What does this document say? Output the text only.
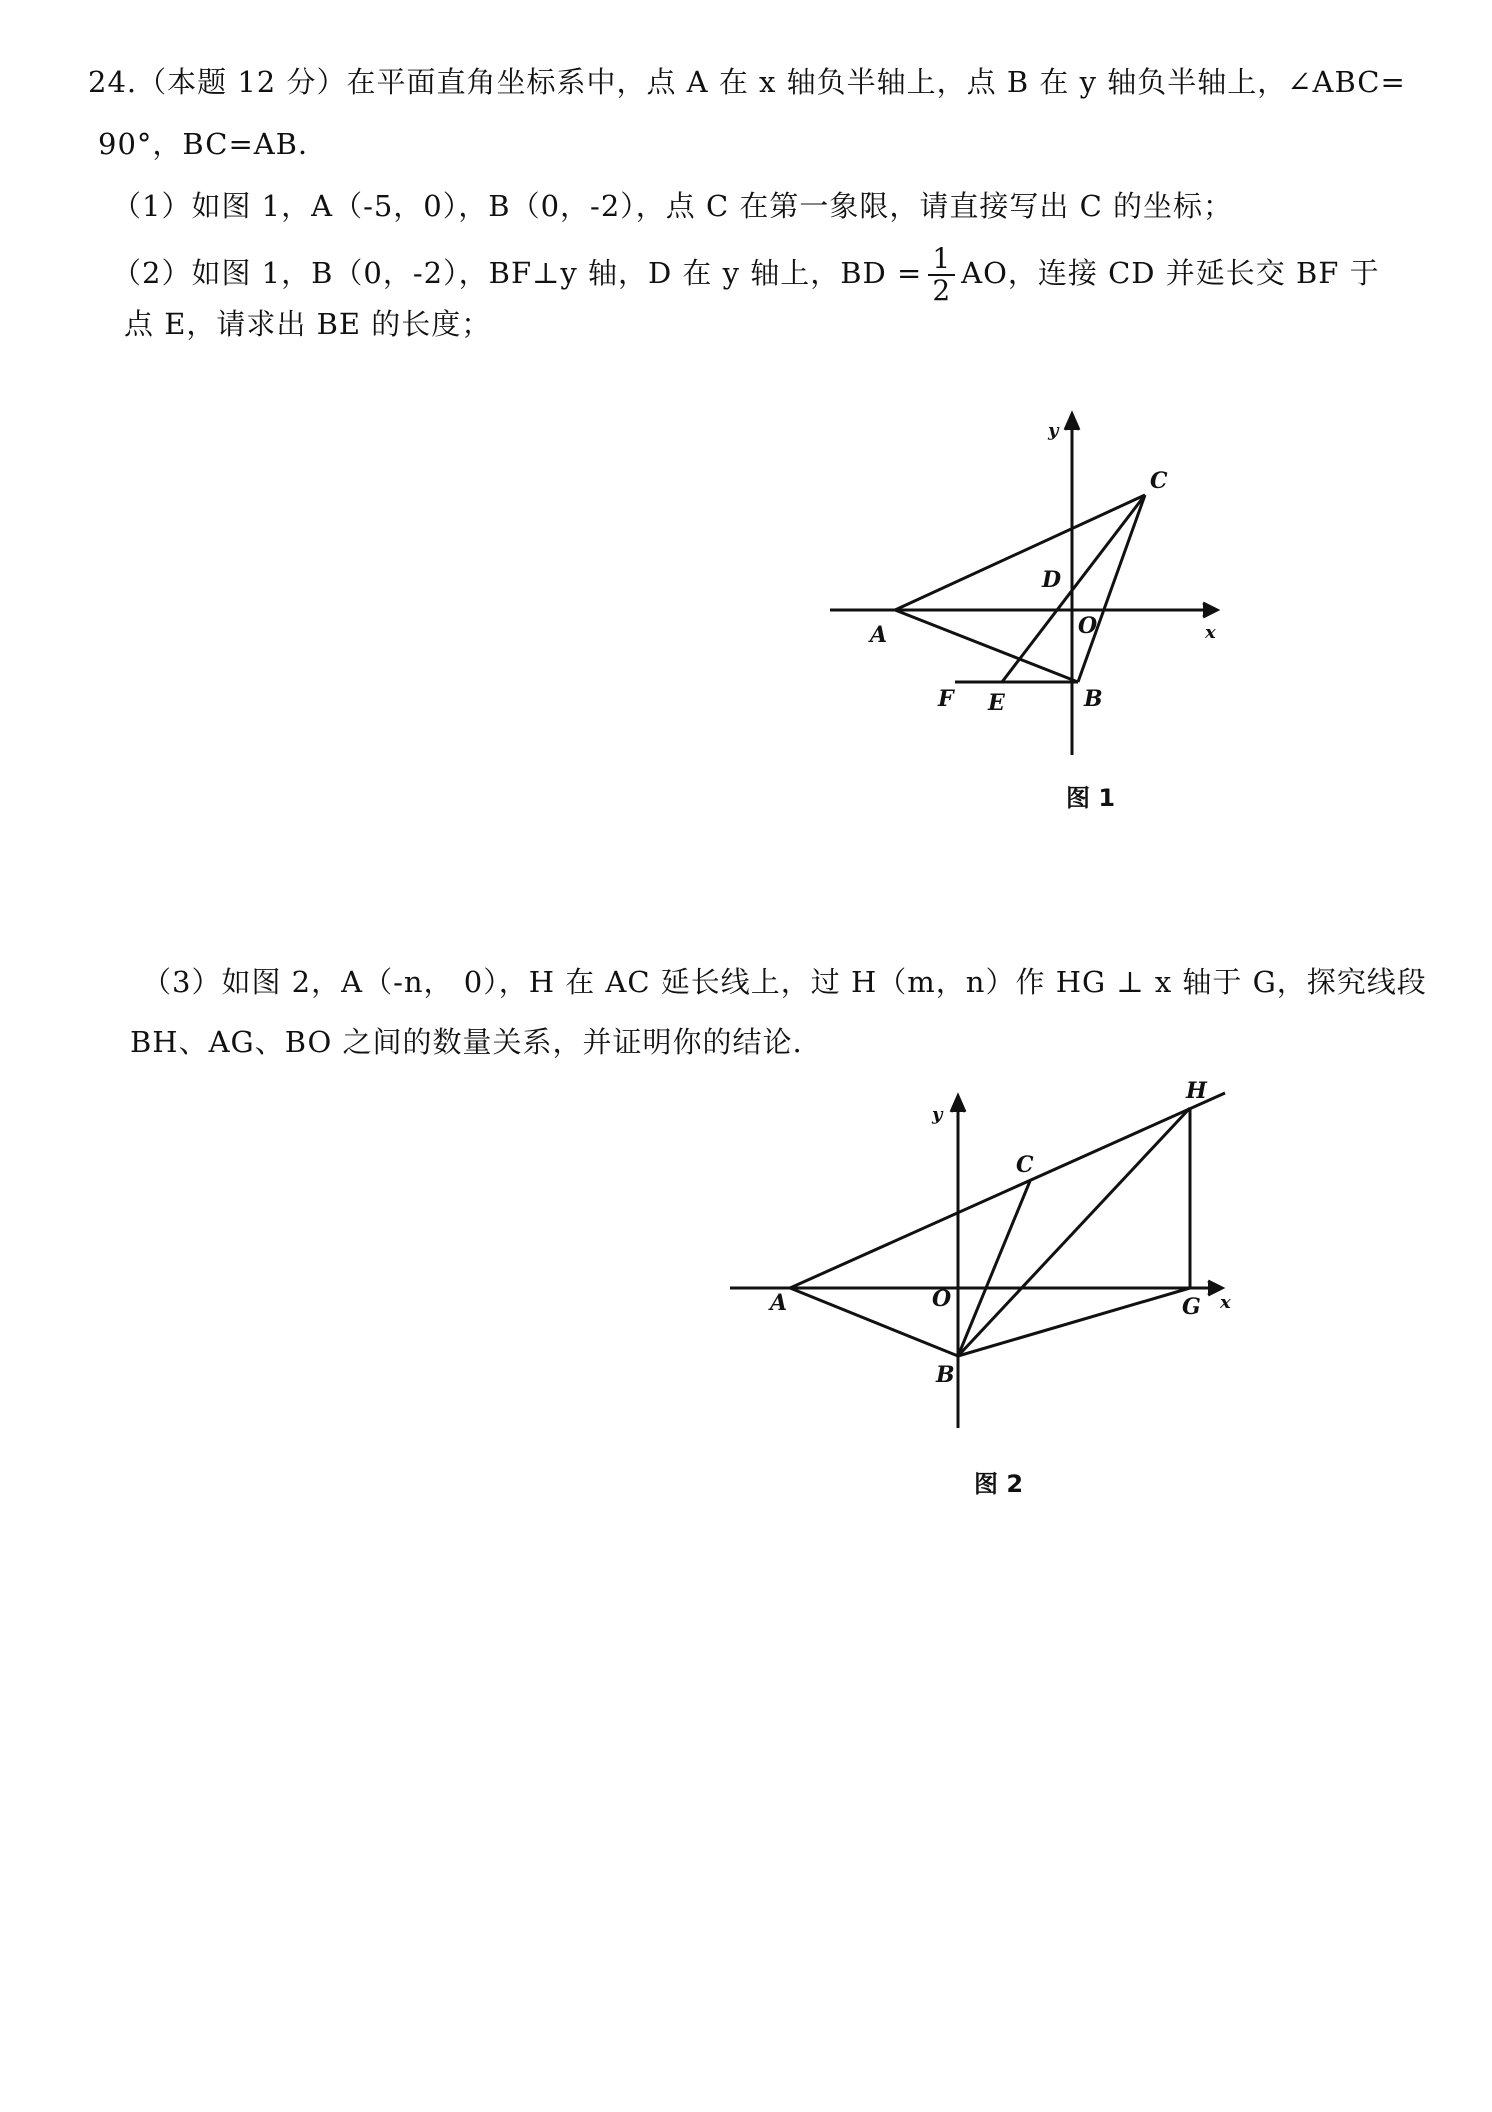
24.（本题 12 分）在平面直角坐标系中，点 A 在 x 轴负半轴上，点 B 在 y 轴负半轴上，∠ABC=
90°，BC=AB．
（1）如图 1，A（-5，0），B（0，-2），点 C 在第一象限，请直接写出 C 的坐标；
（2）如图 1，B（0，-2），BF⊥y 轴，D 在 y 轴上，BD = $\frac{1}{2}$ AO，连接 CD 并延长交 BF 于
点 E，请求出 BE 的长度；
y
x
C
D
O
A
F E	B
图 1
（3）如图 2，A（-n， 0），H 在 AC 延长线上，过 H（m，n）作 HG ⊥ x 轴于 G，探究线段
BH、AG、BO 之间的数量关系，并证明你的结论.
y
x
H
C
A	O	G
B
图 2
